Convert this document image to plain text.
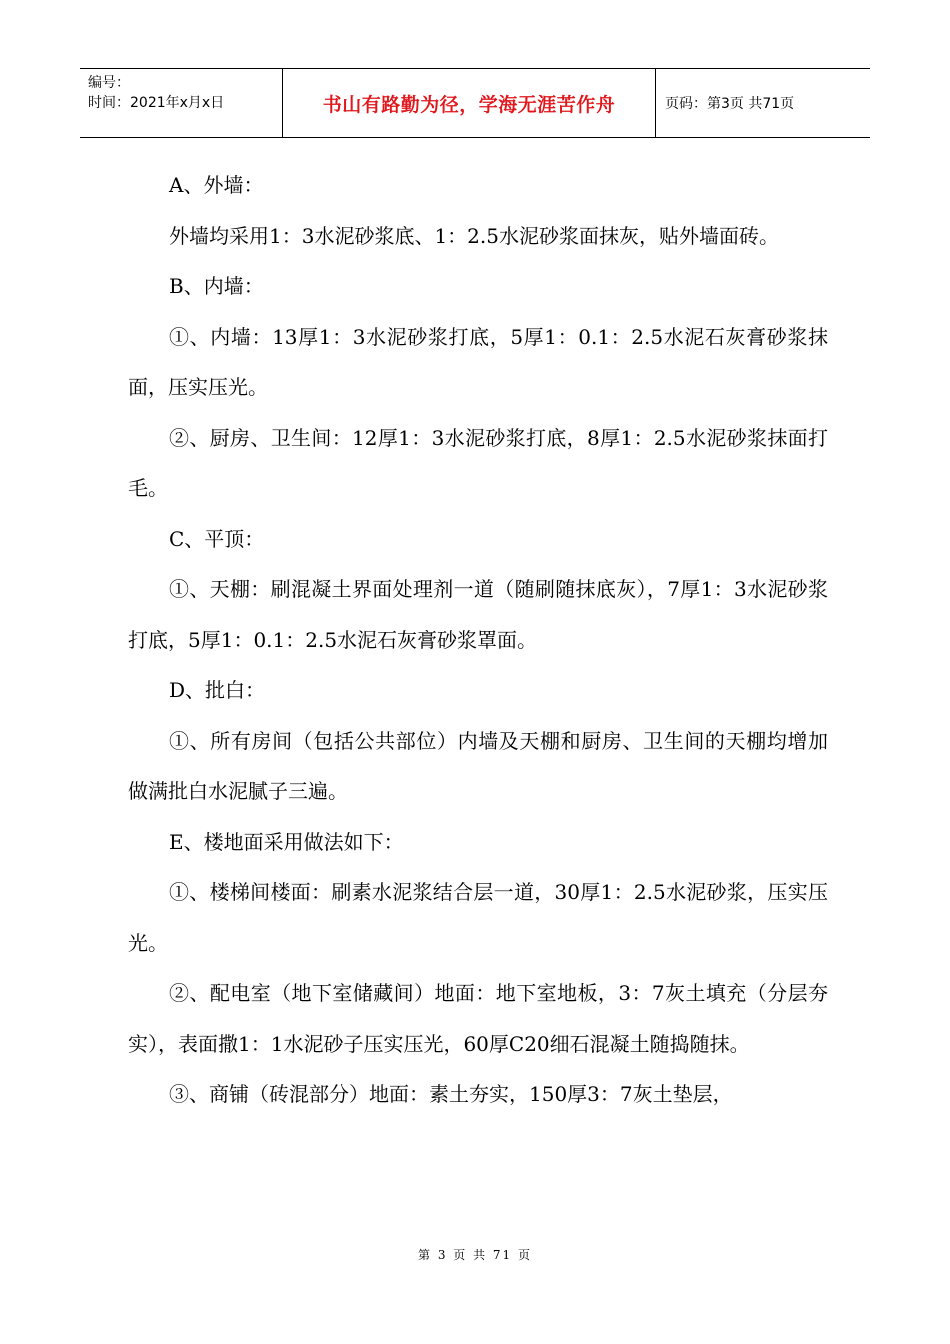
编号：
时间：2021年x月x日	书山有路勤为径，学海无涯苦作舟	页码：第3页 共71页

A、外墙：

外墙均采用1：3水泥砂浆底、1：2.5水泥砂浆面抹灰，贴外墙面砖。

B、内墙：

①、内墙：13厚1：3水泥砂浆打底，5厚1：0.1：2.5水泥石灰膏砂浆抹面，压实压光。

②、厨房、卫生间：12厚1：3水泥砂浆打底，8厚1：2.5水泥砂浆抹面打毛。

C、平顶：

①、天棚：刷混凝土界面处理剂一道（随刷随抹底灰），7厚1：3水泥砂浆打底，5厚1：0.1：2.5水泥石灰膏砂浆罩面。

D、批白：

①、所有房间（包括公共部位）内墙及天棚和厨房、卫生间的天棚均增加做满批白水泥腻子三遍。

E、楼地面采用做法如下：

①、楼梯间楼面：刷素水泥浆结合层一道，30厚1：2.5水泥砂浆，压实压光。

②、配电室（地下室储藏间）地面：地下室地板，3：7灰土填充（分层夯实），表面撒1：1水泥砂子压实压光，60厚C20细石混凝土随捣随抹。

③、商铺（砖混部分）地面：素土夯实，150厚3：7灰土垫层，

第 3 页 共 71 页
